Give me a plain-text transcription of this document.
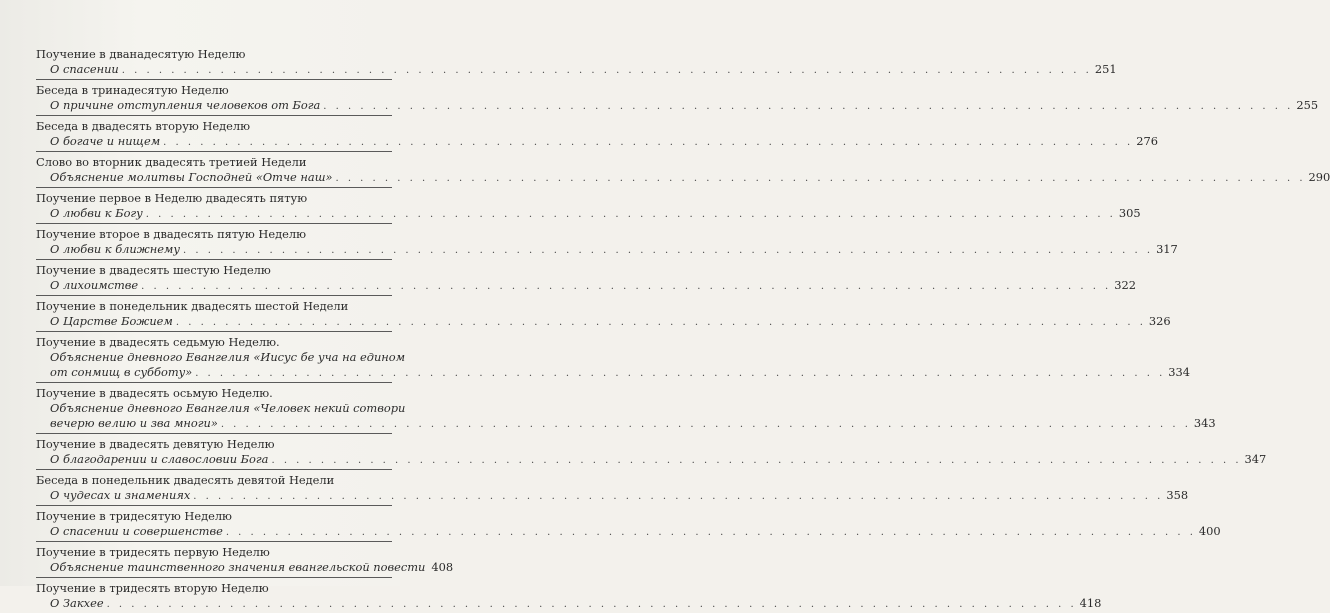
Поучение в дванадесятую Неделю
О спасении . . .	251
Беседа в тринадесятую Неделю
О причине отступления человеков от Бога . . .	255
Беседа в двадесять вторую Неделю
О богаче и нищем . . .	276
Слово во вторник двадесять третией Недели
Объяснение молитвы Господней «Отче наш» . . .	290
Поучение первое в Неделю двадесять пятую
О любви к Богу . . .	305
Поучение второе в двадесять пятую Неделю
О любви к ближнему . . .	317
Поучение в двадесять шестую Неделю
О лихоимстве . . .	322
Поучение в понедельник двадесять шестой Недели
О Царстве Божием . . .	326
Поучение в двадесять седьмую Неделю.
Объяснение дневного Евангелия «Иисус бе уча на едином
от сонмищ в субботу» . . .	334
Поучение в двадесять осьмую Неделю.
Объяснение дневного Евангелия «Человек некий сотвори
вечерю велию и зва многи» . . .	343
Поучение в двадесять девятую Неделю
О благодарении и славословии Бога . . .	347
Беседа в понедельник двадесять девятой Недели
О чудесах и знамениях . . .	358
Поучение в тридесятую Неделю
О спасении и совершенстве . . .	400
Поучение в тридесять первую Неделю
Объяснение таинственного значения евангельской повести 408
Поучение в тридесять вторую Неделю
О Закхее . . .	418
